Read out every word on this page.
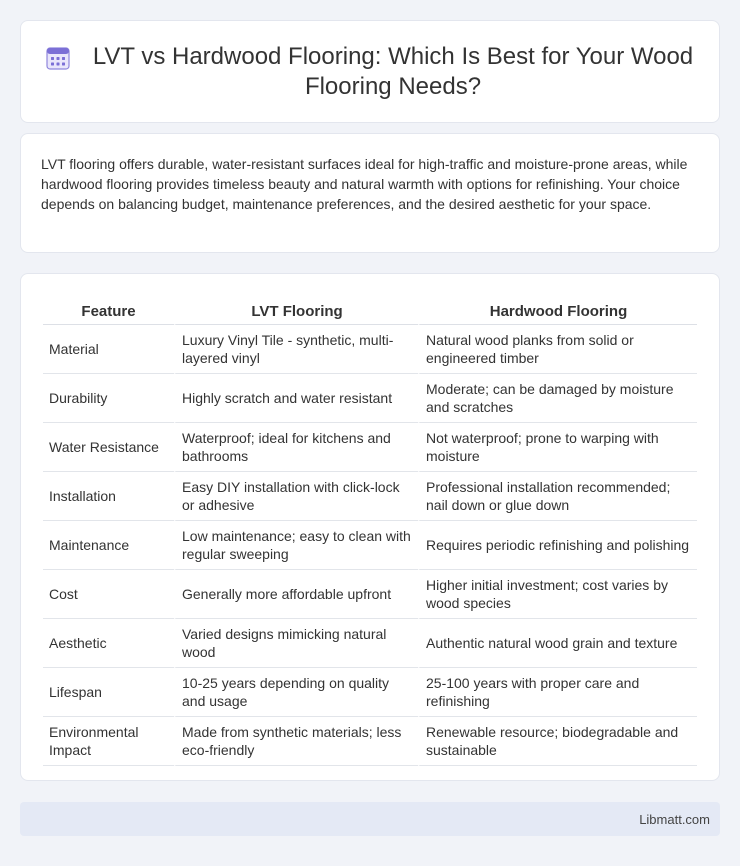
LVT vs Hardwood Flooring: Which Is Best for Your Wood Flooring Needs?

LVT flooring offers durable, water-resistant surfaces ideal for high-traffic and moisture-prone areas, while hardwood flooring provides timeless beauty and natural warmth with options for refinishing. Your choice depends on balancing budget, maintenance preferences, and the desired aesthetic for your space.

Feature	LVT Flooring	Hardwood Flooring
Material	Luxury Vinyl Tile - synthetic, multi-layered vinyl	Natural wood planks from solid or engineered timber
Durability	Highly scratch and water resistant	Moderate; can be damaged by moisture and scratches
Water Resistance	Waterproof; ideal for kitchens and bathrooms	Not waterproof; prone to warping with moisture
Installation	Easy DIY installation with click-lock or adhesive	Professional installation recommended; nail down or glue down
Maintenance	Low maintenance; easy to clean with regular sweeping	Requires periodic refinishing and polishing
Cost	Generally more affordable upfront	Higher initial investment; cost varies by wood species
Aesthetic	Varied designs mimicking natural wood	Authentic natural wood grain and texture
Lifespan	10-25 years depending on quality and usage	25-100 years with proper care and refinishing
Environmental Impact	Made from synthetic materials; less eco-friendly	Renewable resource; biodegradable and sustainable
Libmatt.com
